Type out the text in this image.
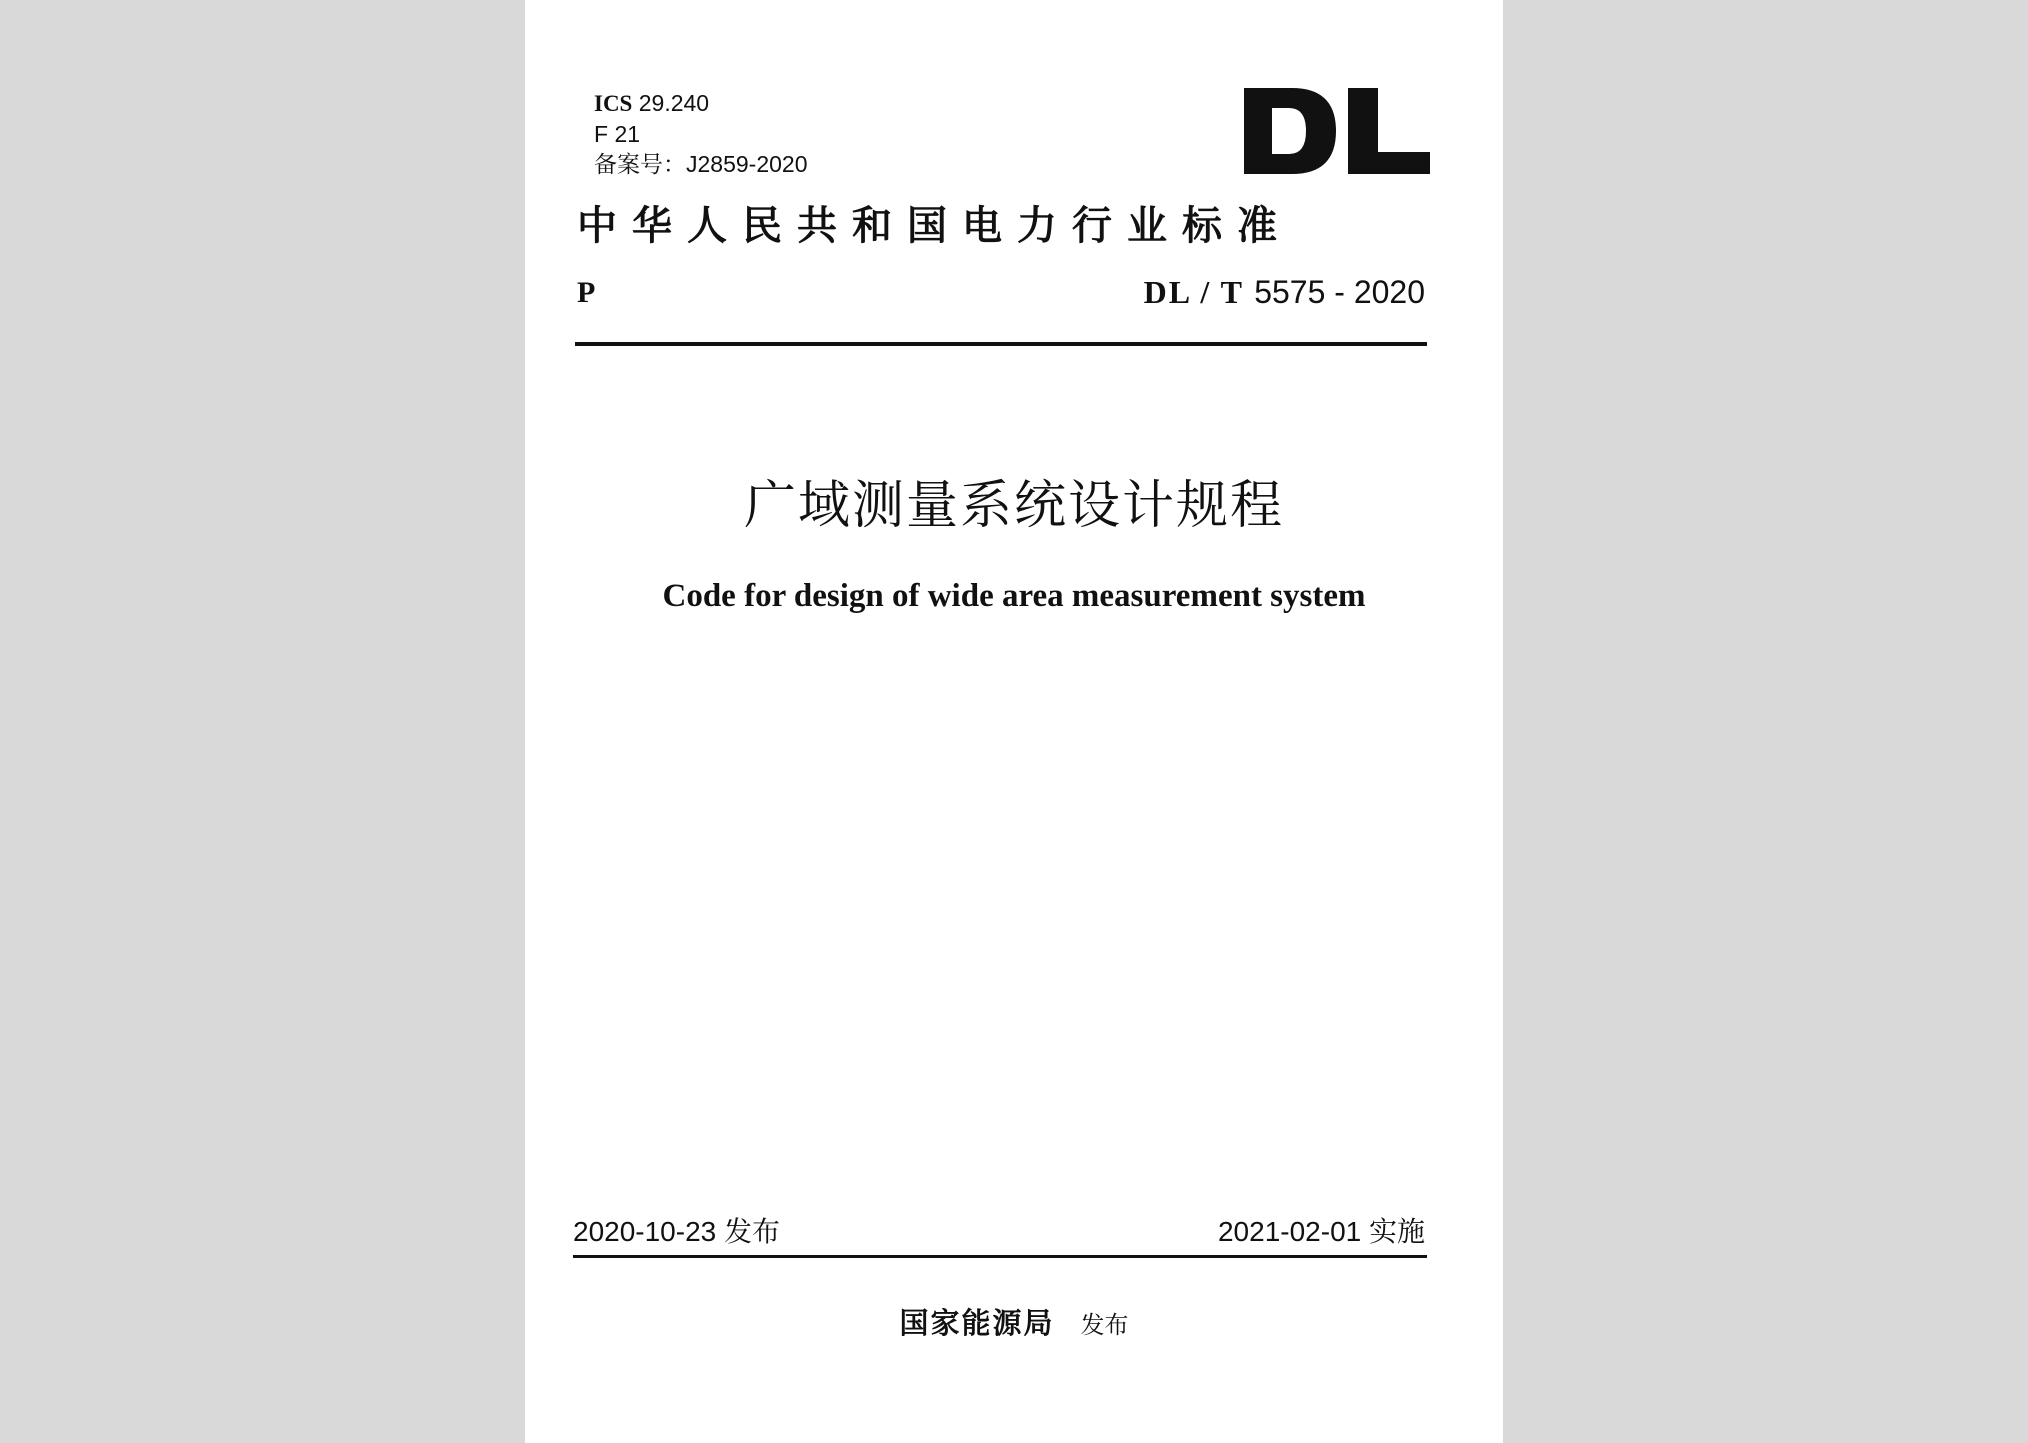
ICS 29.240
F 21
备案号：J2859-2020
中华人民共和国电力行业标准
P	DL / T 5575 - 2020
广域测量系统设计规程
Code for design of wide area measurement system
2020-10-23 发布	2021-02-01 实施
国家能源局 发布
